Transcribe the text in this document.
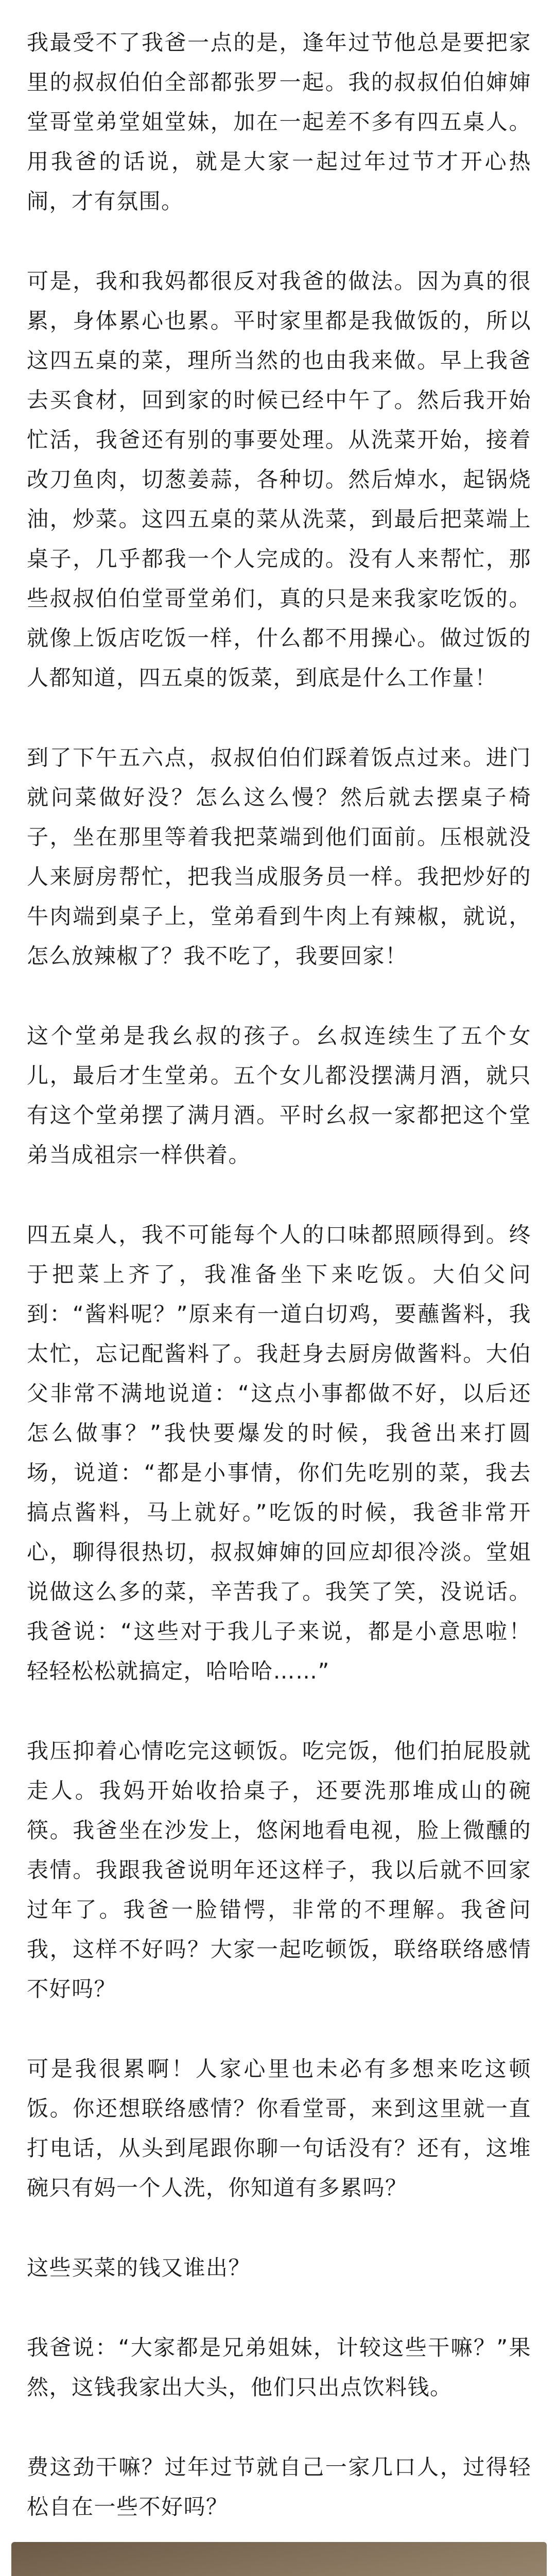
我最受不了我爸一点的是，逢年过节他总是要把家里的叔叔伯伯全部都张罗一起。我的叔叔伯伯婶婶堂哥堂弟堂姐堂妹，加在一起差不多有四五桌人。用我爸的话说，就是大家一起过年过节才开心热闹，才有氛围。

可是，我和我妈都很反对我爸的做法。因为真的很累，身体累心也累。平时家里都是我做饭的，所以这四五桌的菜，理所当然的也由我来做。早上我爸去买食材，回到家的时候已经中午了。然后我开始忙活，我爸还有别的事要处理。从洗菜开始，接着改刀鱼肉，切葱姜蒜，各种切。然后焯水，起锅烧油，炒菜。这四五桌的菜从洗菜，到最后把菜端上桌子，几乎都我一个人完成的。没有人来帮忙，那些叔叔伯伯堂哥堂弟们，真的只是来我家吃饭的。就像上饭店吃饭一样，什么都不用操心。做过饭的人都知道，四五桌的饭菜，到底是什么工作量！

到了下午五六点，叔叔伯伯们踩着饭点过来。进门就问菜做好没？怎么这么慢？然后就去摆桌子椅子，坐在那里等着我把菜端到他们面前。压根就没人来厨房帮忙，把我当成服务员一样。我把炒好的牛肉端到桌子上，堂弟看到牛肉上有辣椒，就说，怎么放辣椒了？我不吃了，我要回家！

这个堂弟是我幺叔的孩子。幺叔连续生了五个女儿，最后才生堂弟。五个女儿都没摆满月酒，就只有这个堂弟摆了满月酒。平时幺叔一家都把这个堂弟当成祖宗一样供着。

四五桌人，我不可能每个人的口味都照顾得到。终于把菜上齐了，我准备坐下来吃饭。大伯父问到：“酱料呢？”原来有一道白切鸡，要蘸酱料，我太忙，忘记配酱料了。我赶身去厨房做酱料。大伯父非常不满地说道：“这点小事都做不好，以后还怎么做事？”我快要爆发的时候，我爸出来打圆场，说道：“都是小事情，你们先吃别的菜，我去搞点酱料，马上就好。”吃饭的时候，我爸非常开心，聊得很热切，叔叔婶婶的回应却很冷淡。堂姐说做这么多的菜，辛苦我了。我笑了笑，没说话。我爸说：“这些对于我儿子来说，都是小意思啦！轻轻松松就搞定，哈哈哈……”

我压抑着心情吃完这顿饭。吃完饭，他们拍屁股就走人。我妈开始收拾桌子，还要洗那堆成山的碗筷。我爸坐在沙发上，悠闲地看电视，脸上微醺的表情。我跟我爸说明年还这样子，我以后就不回家过年了。我爸一脸错愕，非常的不理解。我爸问我，这样不好吗？大家一起吃顿饭，联络联络感情不好吗？

可是我很累啊！人家心里也未必有多想来吃这顿饭。你还想联络感情？你看堂哥，来到这里就一直打电话，从头到尾跟你聊一句话没有？还有，这堆碗只有妈一个人洗，你知道有多累吗？

这些买菜的钱又谁出？

我爸说：“大家都是兄弟姐妹，计较这些干嘛？”果然，这钱我家出大头，他们只出点饮料钱。

费这劲干嘛？过年过节就自己一家几口人，过得轻松自在一些不好吗？
